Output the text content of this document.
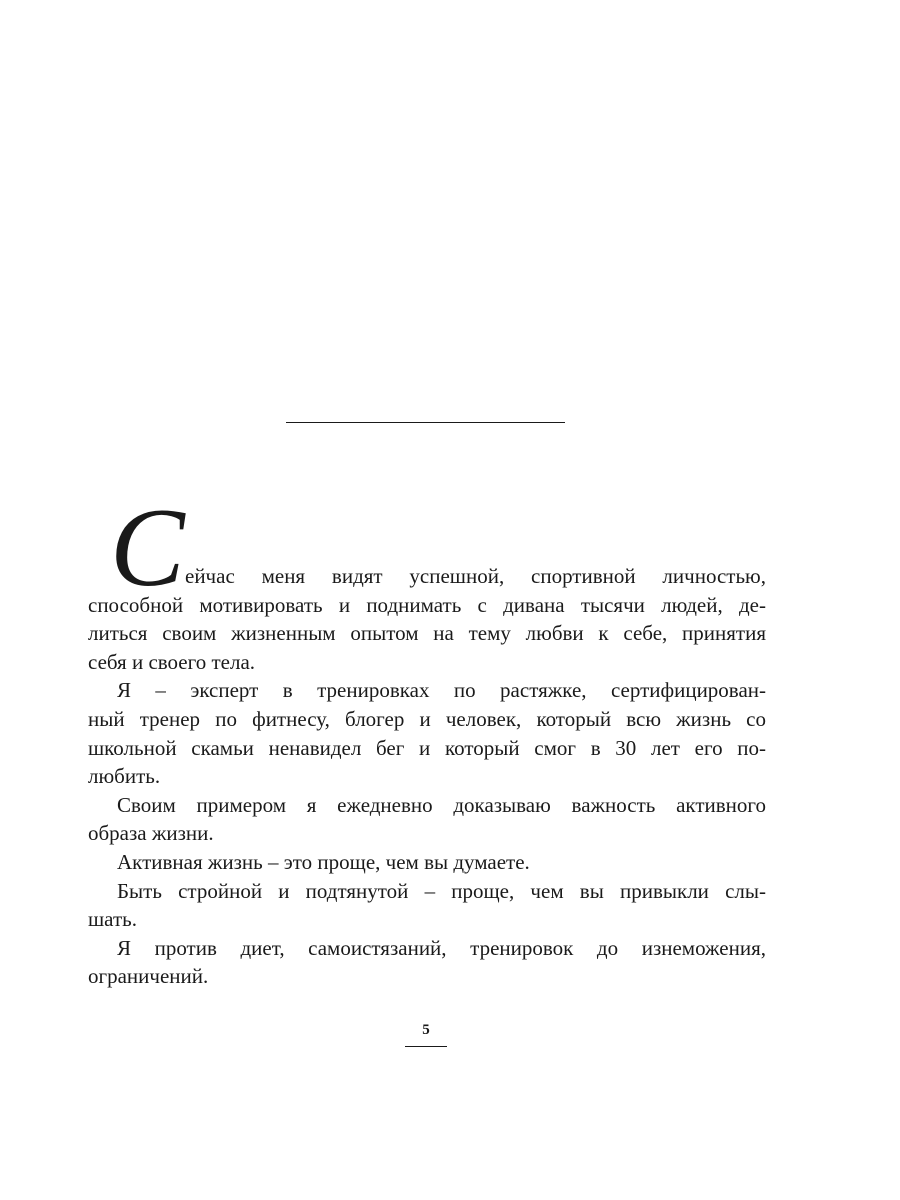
С ейчас меня видят успешной, спортивной личностью,
способной мотивировать и поднимать с дивана тысячи людей, де-
литься своим жизненным опытом на тему любви к себе, принятия
себя и своего тела.
Я – эксперт в тренировках по растяжке, сертифицирован-
ный тренер по фитнесу, блогер и человек, который всю жизнь со
школьной скамьи ненавидел бег и который смог в 30 лет его по-
любить.
Своим примером я ежедневно доказываю важность активного
образа жизни.
Активная жизнь – это проще, чем вы думаете.
Быть стройной и подтянутой – проще, чем вы привыкли слы-
шать.
Я против диет, самоистязаний, тренировок до изнеможения,
ограничений.
5
